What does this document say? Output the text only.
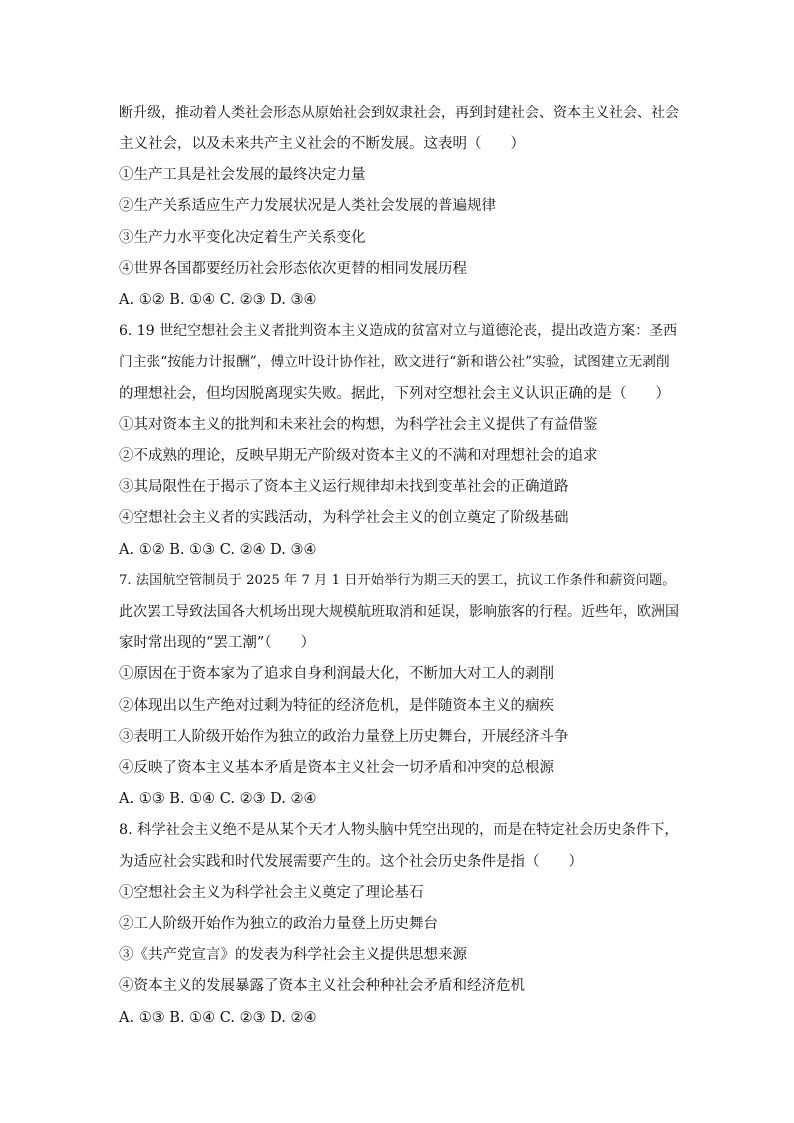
断升级，推动着人类社会形态从原始社会到奴隶社会，再到封建社会、资本主义社会、社会
主义社会，以及未来共产主义社会的不断发展。这表明（　　）
①生产工具是社会发展的最终决定力量
②生产关系适应生产力发展状况是人类社会发展的普遍规律
③生产力水平变化决定着生产关系变化
④世界各国都要经历社会形态依次更替的相同发展历程
A. ①② B. ①④ C. ②③ D. ③④
6. 19 世纪空想社会主义者批判资本主义造成的贫富对立与道德沦丧，提出改造方案：圣西
门主张“按能力计报酬”，傅立叶设计协作社，欧文进行“新和谐公社”实验，试图建立无剥削
的理想社会，但均因脱离现实失败。据此，下列对空想社会主义认识正确的是（　　）
①其对资本主义的批判和未来社会的构想，为科学社会主义提供了有益借鉴
②不成熟的理论，反映早期无产阶级对资本主义的不满和对理想社会的追求
③其局限性在于揭示了资本主义运行规律却未找到变革社会的正确道路
④空想社会主义者的实践活动，为科学社会主义的创立奠定了阶级基础
A. ①② B. ①③ C. ②④ D. ③④
7. 法国航空管制员于 2025 年 7 月 1 日开始举行为期三天的罢工，抗议工作条件和薪资问题。
此次罢工导致法国各大机场出现大规模航班取消和延误，影响旅客的行程。近些年，欧洲国
家时常出现的“罢工潮”（　　）
①原因在于资本家为了追求自身利润最大化，不断加大对工人的剥削
②体现出以生产绝对过剩为特征的经济危机，是伴随资本主义的痼疾
③表明工人阶级开始作为独立的政治力量登上历史舞台，开展经济斗争
④反映了资本主义基本矛盾是资本主义社会一切矛盾和冲突的总根源
A. ①③ B. ①④ C. ②③ D. ②④
8. 科学社会主义绝不是从某个天才人物头脑中凭空出现的，而是在特定社会历史条件下，
为适应社会实践和时代发展需要产生的。这个社会历史条件是指（　　）
①空想社会主义为科学社会主义奠定了理论基石
②工人阶级开始作为独立的政治力量登上历史舞台
③《共产党宣言》的发表为科学社会主义提供思想来源
④资本主义的发展暴露了资本主义社会种种社会矛盾和经济危机
A. ①③ B. ①④ C. ②③ D. ②④
